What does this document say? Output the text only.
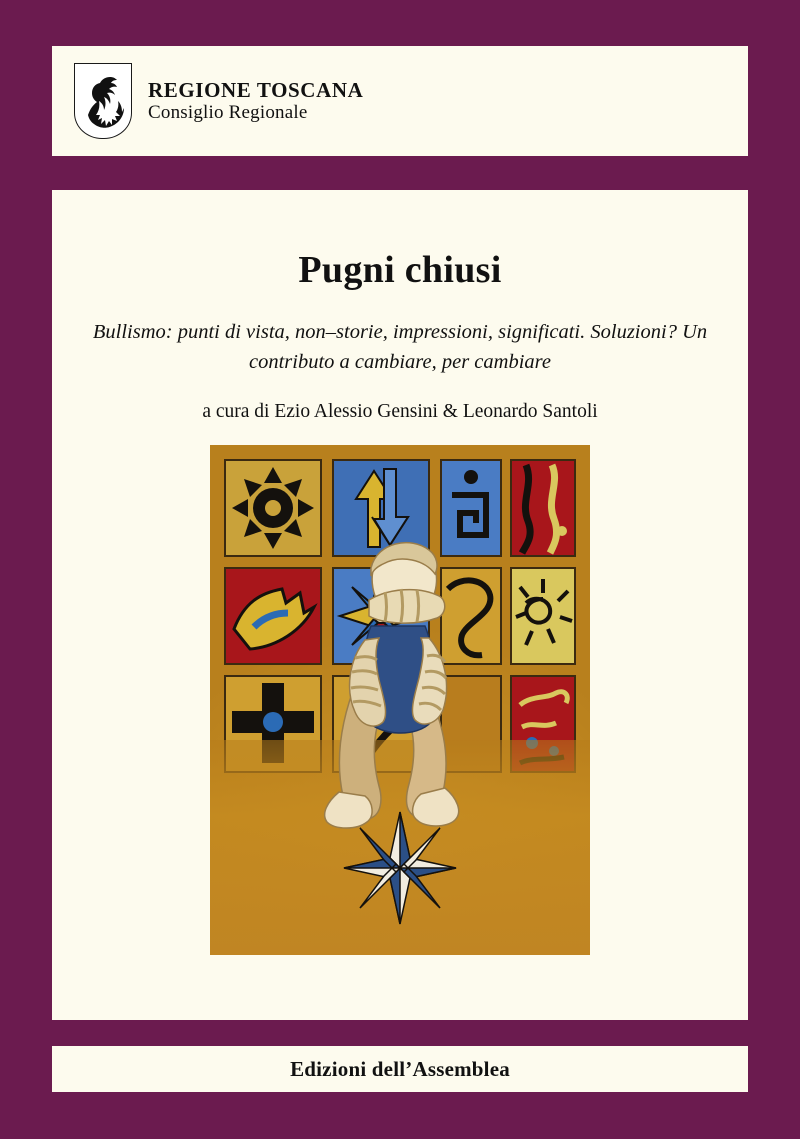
REGIONE TOSCANA
Consiglio Regionale
Pugni chiusi
Bullismo: punti di vista, non–storie, impressioni, significati. Soluzioni? Un contributo a cambiare, per cambiare
a cura di Ezio Alessio Gensini & Leonardo Santoli
Edizioni dell’Assemblea
